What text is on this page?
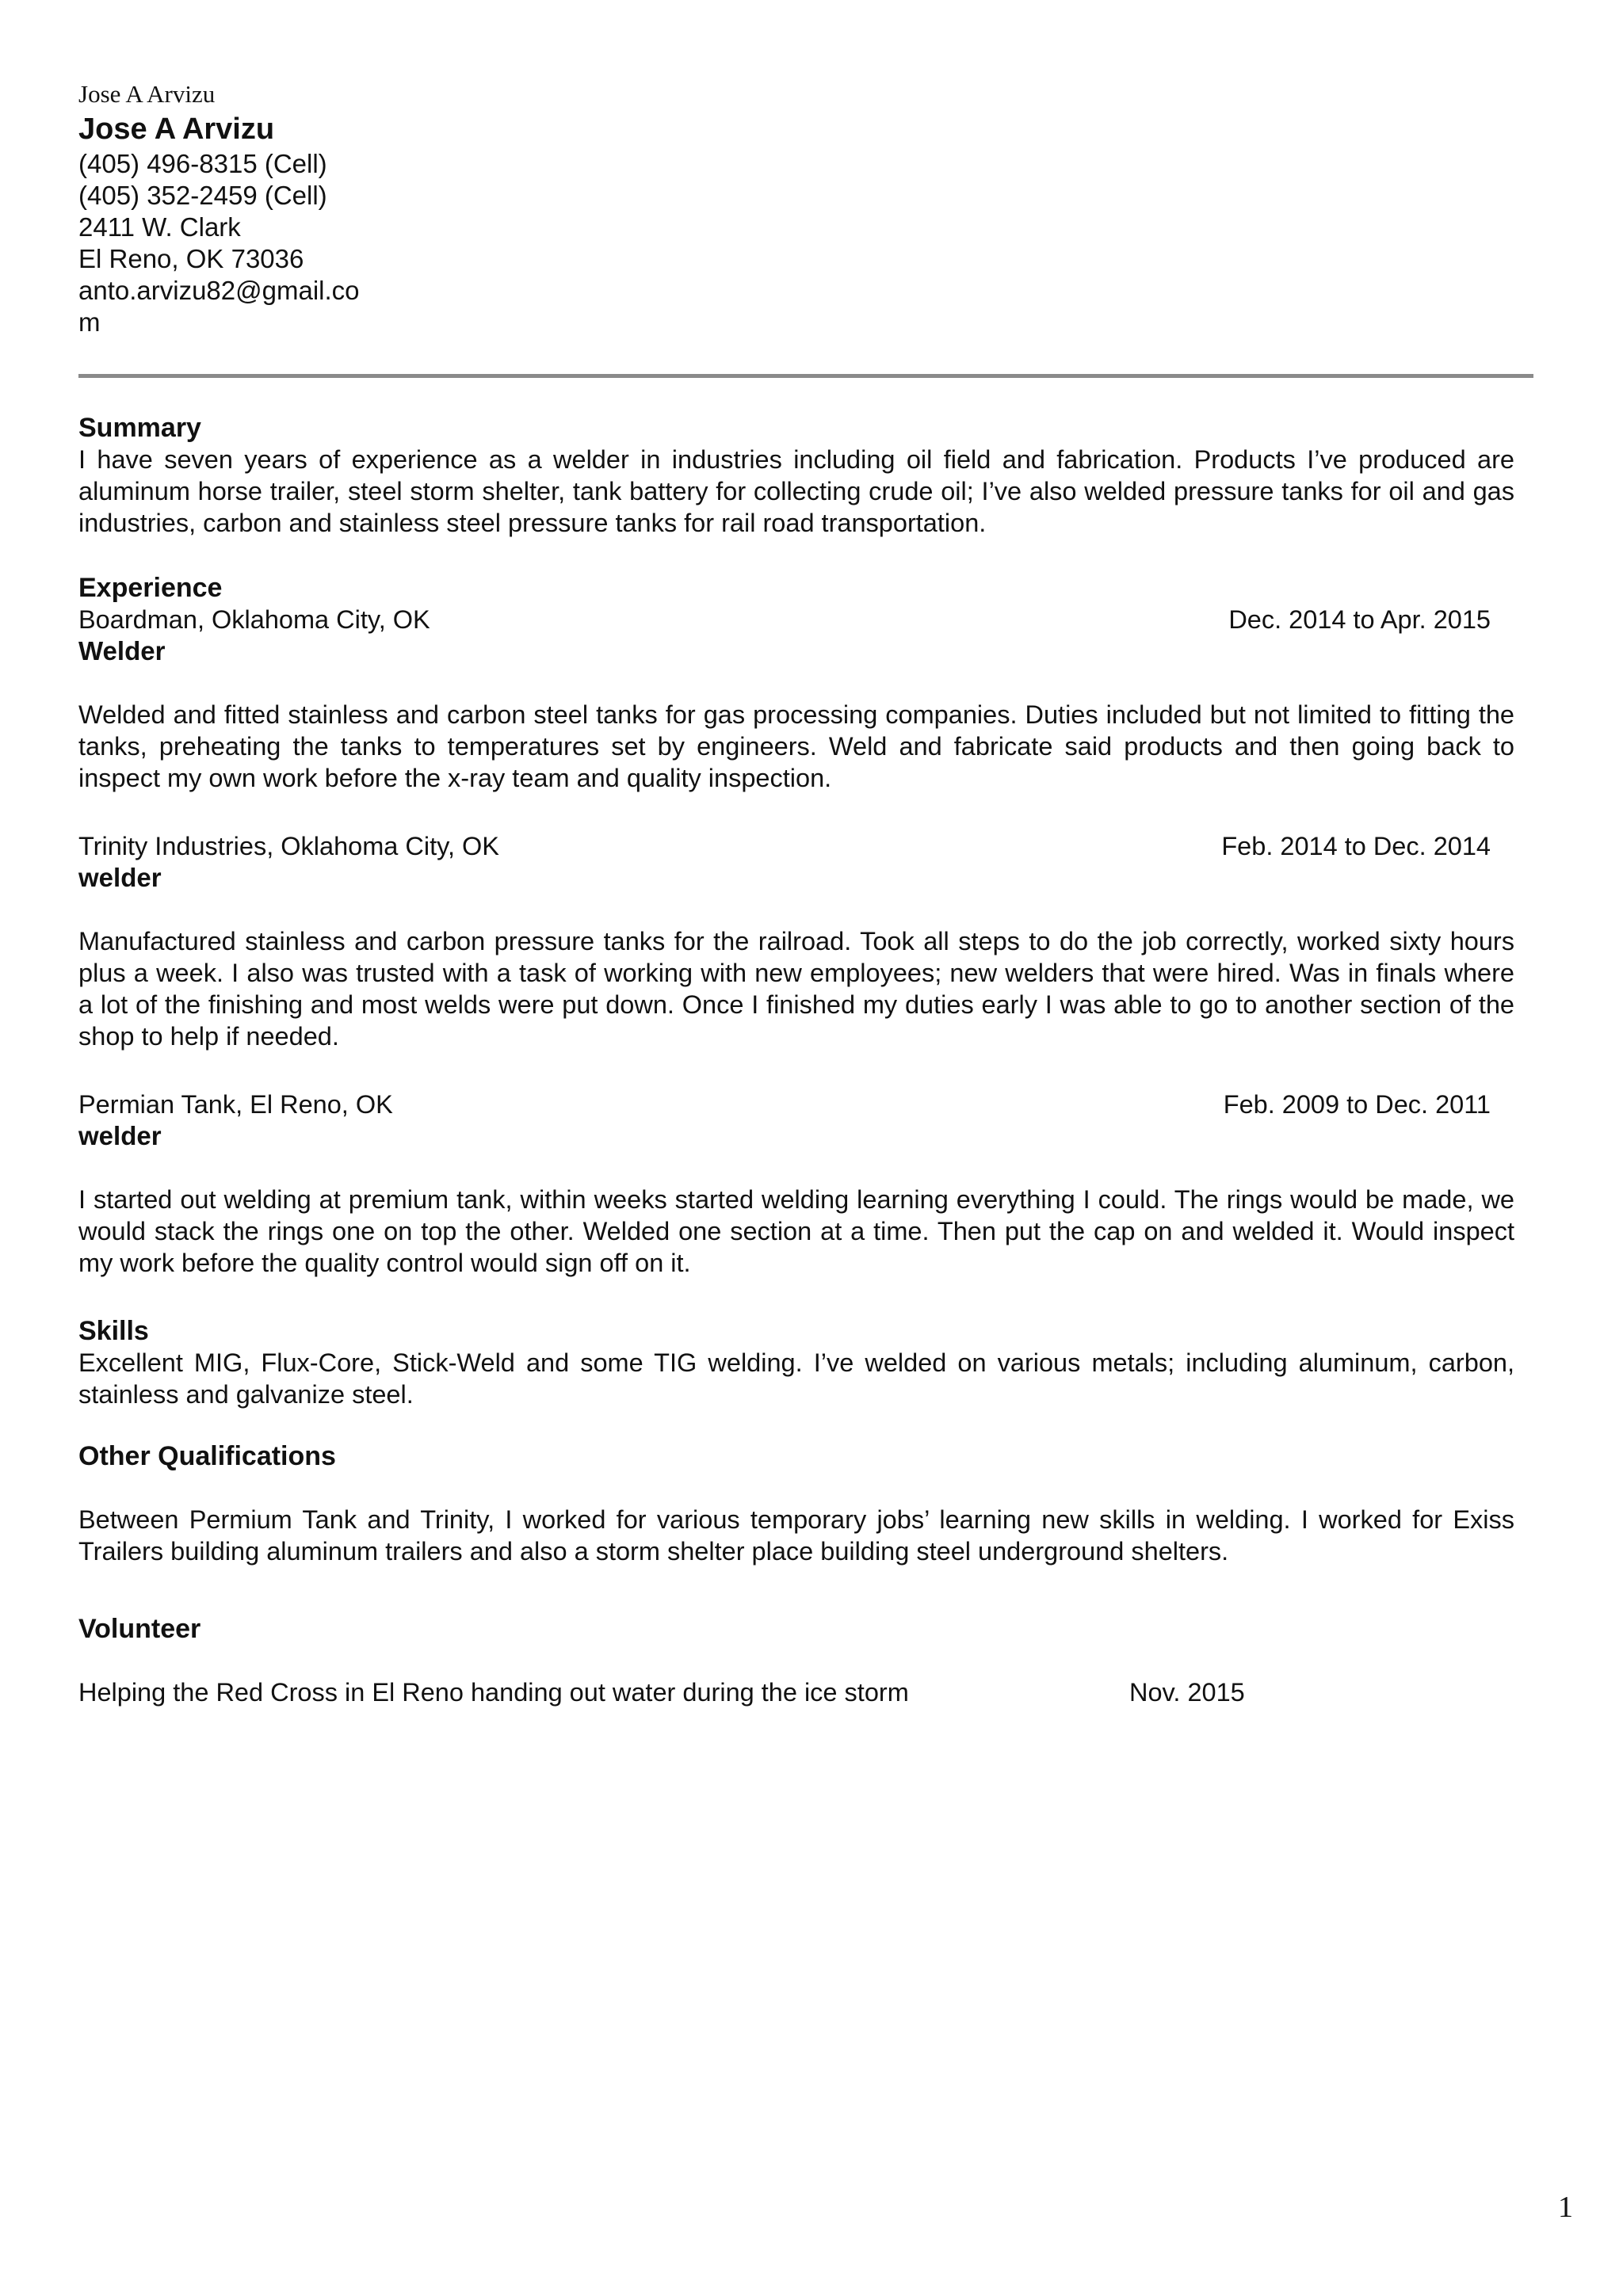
Jose A Arvizu
Jose A Arvizu
(405) 496-8315 (Cell)
(405) 352-2459 (Cell)
2411 W. Clark
El Reno, OK 73036
anto.arvizu82@gmail.co
m
Summary
I have seven years of experience as a welder in industries including oil field and fabrication. Products I’ve produced are aluminum horse trailer, steel storm shelter, tank battery for collecting crude oil; I’ve also welded pressure tanks for oil and gas industries, carbon and stainless steel pressure tanks for rail road transportation.
Experience
Boardman, Oklahoma City, OK	Dec. 2014 to Apr. 2015
Welder
Welded and fitted stainless and carbon steel tanks for gas processing companies. Duties included but not limited to fitting the tanks, preheating the tanks to temperatures set by engineers. Weld and fabricate said products and then going back to inspect my own work before the x-ray team and quality inspection.
Trinity Industries, Oklahoma City, OK	Feb. 2014 to Dec. 2014
welder
Manufactured stainless and carbon pressure tanks for the railroad. Took all steps to do the job correctly, worked sixty hours plus a week. I also was trusted with a task of working with new employees; new welders that were hired. Was in finals where a lot of the finishing and most welds were put down. Once I finished my duties early I was able to go to another section of the shop to help if needed.
Permian Tank, El Reno, OK	Feb. 2009 to Dec. 2011
welder
I started out welding at premium tank, within weeks started welding learning everything I could. The rings would be made, we would stack the rings one on top the other. Welded one section at a time. Then put the cap on and welded it. Would inspect my work before the quality control would sign off on it.
Skills
Excellent MIG, Flux-Core, Stick-Weld and some TIG welding. I’ve welded on various metals; including aluminum, carbon, stainless and galvanize steel.
Other Qualifications
Between Permium Tank and Trinity, I worked for various temporary jobs’ learning new skills in welding. I worked for Exiss Trailers building aluminum trailers and also a storm shelter place building steel underground shelters.
Volunteer
Helping the Red Cross in El Reno handing out water during the ice storm	Nov. 2015
1
